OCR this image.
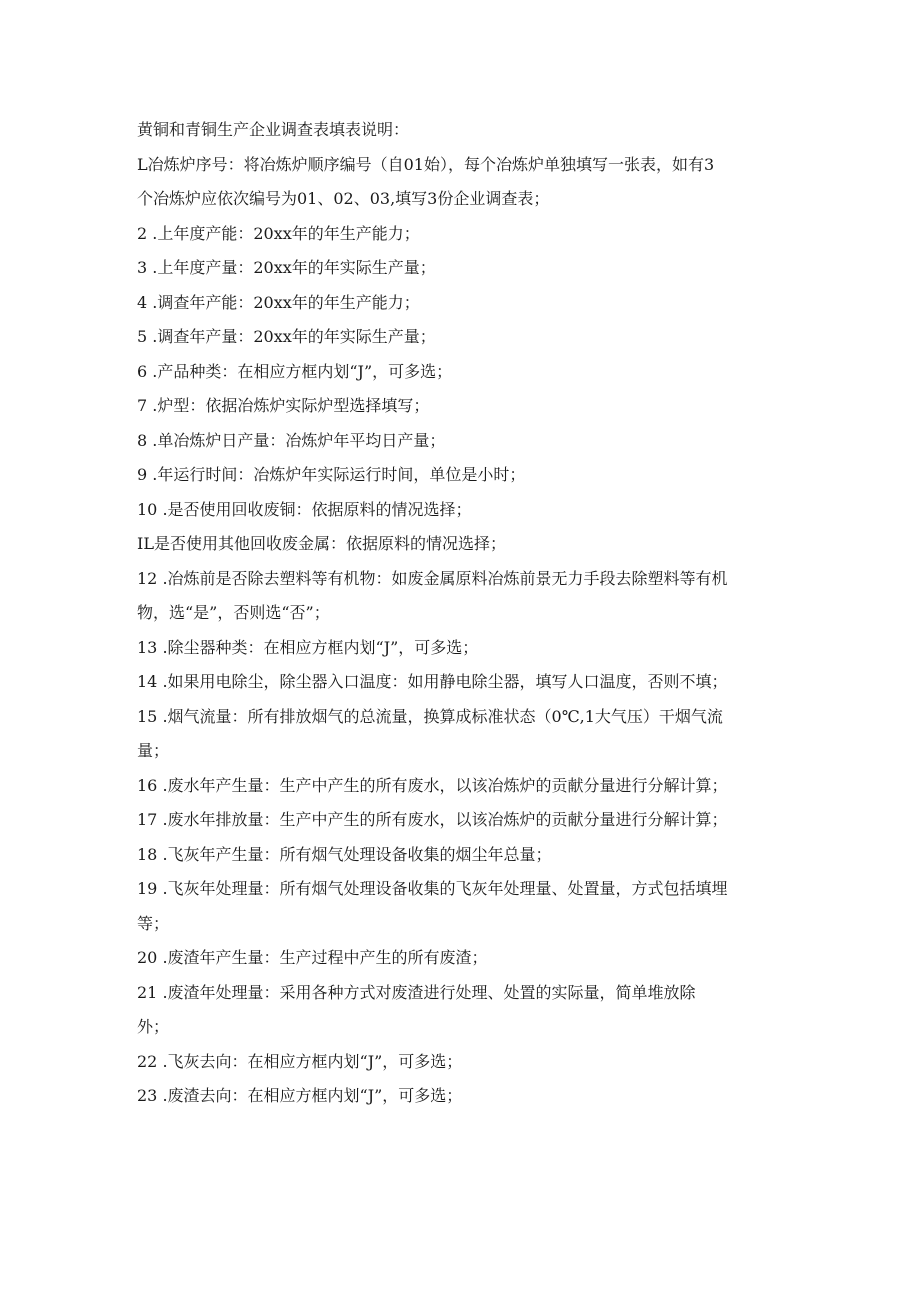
黄铜和青铜生产企业调查表填表说明：

L冶炼炉序号：将冶炼炉顺序编号（自01始），每个冶炼炉单独填写一张表，如有3

个冶炼炉应依次编号为01、02、03,填写3份企业调查表；

2 .上年度产能：20xx年的年生产能力；

3 .上年度产量：20xx年的年实际生产量；

4 .调查年产能：20xx年的年生产能力；

5 .调查年产量：20xx年的年实际生产量；

6 .产品种类：在相应方框内划“J”，可多选；

7 .炉型：依据冶炼炉实际炉型选择填写；

8 .单冶炼炉日产量：冶炼炉年平均日产量；

9 .年运行时间：冶炼炉年实际运行时间，单位是小时；

10 .是否使用回收废铜：依据原料的情况选择；

IL是否使用其他回收废金属：依据原料的情况选择；

12 .冶炼前是否除去塑料等有机物：如废金属原料冶炼前景无力手段去除塑料等有机

物，选“是”，否则选“否”；

13 .除尘器种类：在相应方框内划“J”，可多选；

14 .如果用电除尘，除尘器入口温度：如用静电除尘器，填写人口温度，否则不填；

15 .烟气流量：所有排放烟气的总流量，换算成标准状态（0℃,1大气压）干烟气流

量；

16 .废水年产生量：生产中产生的所有废水，以该冶炼炉的贡献分量进行分解计算；

17 .废水年排放量：生产中产生的所有废水，以该冶炼炉的贡献分量进行分解计算；

18 .飞灰年产生量：所有烟气处理设备收集的烟尘年总量；

19 .飞灰年处理量：所有烟气处理设备收集的飞灰年处理量、处置量，方式包括填埋

等；

20 .废渣年产生量：生产过程中产生的所有废渣；

21 .废渣年处理量：采用各种方式对废渣进行处理、处置的实际量，简单堆放除

外；

22 .飞灰去向：在相应方框内划“J”，可多选；

23 .废渣去向：在相应方框内划“J”，可多选；
